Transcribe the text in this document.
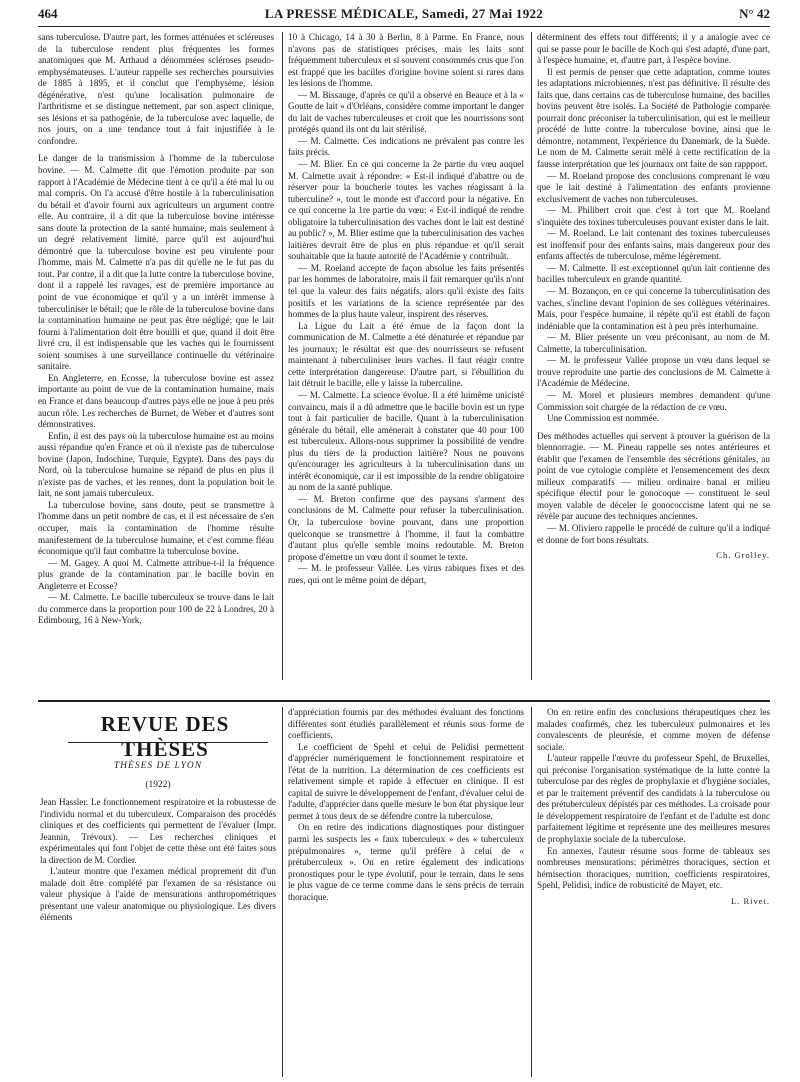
464	LA PRESSE MÉDICALE, Samedi, 27 Mai 1922	N° 42

sans tuberculose. D'autre part, les formes atténuées et scléreuses de la tuberculose rendent plus fréquentes les formes anatomiques que M. Arthaud a dénommées scléroses pseudo-emphysémateuses. L'auteur rappelle ses recherches poursuivies de 1885 à 1895, et il conclut que l'emphysème, lésion dégénérative, n'est qu'une localisation pulmonaire de l'arthritisme et se distingue nettement, par son aspect clinique, ses lésions et sa pathogénie, de la tuberculose avec laquelle, de nos jours, on a une tendance tout à fait injustifiée à le confondre.

Le danger de la transmission à l'homme de la tuberculose bovine. — M. Calmette dit que l'émotion produite par son rapport à l'Académie de Médecine tient à ce qu'il a été mal lu ou mal compris. On l'a accusé d'être hostile à la tuberculinisation du bétail et d'avoir fourni aux agriculteurs un argument contre elle. Au contraire, il a dit que la tuberculose bovine intéresse sans doute la protection de la santé humaine, mais seulement à un degré relativement limité, parce qu'il est aujourd'hui démontré que la tuberculose bovine est peu virulente pour l'homme, mais M. Calmette n'a pas dit qu'elle ne le fut pas du tout. Par contre, il a dit que la lutte contre la tuberculose bovine, dont il a rappelé les ravages, est de première importance au point de vue économique et qu'il y a un intérêt immense à tuberculiniser le bétail; que le rôle de la tuberculose bovine dans la contamination humaine ne peut pas être négligé; que le lait fourni à l'alimentation doit être bouilli et que, quand il doit être livré cru, il est indispensable que les vaches qui le fournissent soient soumises à une surveillance continuelle du vétérinaire sanitaire.

En Angleterre, en Ecosse, la tuberculose bovine est assez importante au point de vue de la contamination humaine, mais en France et dans beaucoup d'autres pays elle ne joue à peu près aucun rôle. Les recherches de Burnet, de Weber et d'autres sont démonstratives.

Enfin, il est des pays où la tuberculose humaine est au moins aussi répandue qu'en France et où il n'existe pas de tuberculose bovine (Japon, Indochine, Turquie, Egypte). Dans des pays du Nord, où la tuberculose humaine se répand de plus en plus il n'existe pas de vaches, et les rennes, dont la population boit le lait, ne sont jamais tuberculeux.

La tuberculose bovine, sans doute, peut se transmettre à l'homme dans un petit nombre de cas, et il est nécessaire de s'en occuper, mais la contamination de l'homme résulte manifestement de la tuberculose humaine, et c'est comme fléau économique qu'il faut combattre la tuberculose bovine.

— M. Gagey. A quoi M. Calmette attribue-t-il la fréquence plus grande de la contamination par le bacille bovin en Angleterre et Ecosse?

— M. Calmette. Le bacille tuberculeux se trouve dans le lait du commerce dans la proportion pour 100 de 22 à Londres, 20 à Edimbourg, 16 à New-York,

10 à Chicago, 14 à 30 à Berlin, 8 à Parme. En France, nous n'avons pas de statistiques précises, mais les laits sont fréquemment tuberculeux et si souvent consommés crus que l'on est frappé que les bacilles d'origine bovine soient si rares dans les lésions de l'homme.

— M. Bissauge, d'après ce qu'il a observé en Beauce et à la « Goutte de lait » d'Orléans, considère comme important le danger du lait de vaches tuberculeuses et croit que les nourrissons sont protégés quand ils ont du lait stérilisé.

— M. Calmette. Ces indications ne prévalent pas contre les faits précis.

— M. Blier. En ce qui concerne la 2e partie du vœu auquel M. Calmette avait à répondre: « Est-il indiqué d'abattre ou de réserver pour la boucherie toutes les vaches réagissant à la tuberculine? », tout le monde est d'accord pour la négative. En ce qui concerne la 1re partie du vœu: « Est-il indiqué de rendre obligatoire la tuberculinisation des vaches dont le lait est destiné au public? », M. Blier estime que la tuberculinisation des vaches laitières devrait être de plus en plus répandue et qu'il serait souhaitable que la haute autorité de l'Académie y contribuât.

— M. Roeland accepte de façon absolue les faits présentés par les hommes de laboratoire, mais il fait remarquer qu'ils n'ont tel que la valeur des faits négatifs, alors qu'il existe des faits positifs et les variations de la science représentée par des hommes de la plus haute valeur, inspirent des réserves.

La Ligue du Lait a été émue de la façon dont la communication de M. Calmette a été dénaturée et répandue par les journaux; le résultat est que des nourrisseurs se refusent maintenant à tuberculiniser leurs vaches. Il faut réagir contre cette interprétation dangereuse. D'autre part, si l'ébullition du lait détruit le bacille, elle y laisse la tuberculine.

— M. Calmette. La science évolue. Il a été luimême unicisté convaincu, mais il a dû admettre que le bacille bovin est un type tout à fait particulier de bacille. Quant à la tuberculinisation générale du bétail, elle amènerait à constater que 40 pour 100 est tuberculeux. Allons-nous supprimer la possibilité de vendre plus du tiers de la production laitière? Nous ne pouvons qu'encourager les agriculteurs à la tuberculinisation dans un intérêt économique, car il est impossible de la rendre obligatoire au nom de la santé publique.

— M. Breton confirme que des paysans s'arment des conclusions de M. Calmette pour refuser la tuberculinisation. Or, la tuberculose bovine pouvant, dans une proportion quelconque se transmettre à l'homme, il faut la combattre d'autant plus qu'elle semble moins redoutable. M. Breton propose d'émettre un vœu dont il soumet le texte.

— M. le professeur Vallée. Les virus rabiques fixes et des rues, qui ont le même point de départ,

déterminent des effets tout différents; il y a analogie avec ce qui se passe pour le bacille de Koch qui s'est adapté, d'une part, à l'espèce humaine, et, d'autre part, à l'espèce bovine.

Il est permis de penser que cette adaptation, comme toutes les adaptations microbiennes, n'est pas définitive. Il résulte des faits que, dans certains cas de tuberculose humaine, des bacilles bovins peuvent être isolés. La Société de Pathologie comparée pourrait donc préconiser la tuberculinisation, qui est le meilleur procédé de lutte contre la tuberculose bovine, ainsi que le démontre, notamment, l'expérience du Danemark, de la Suède. Le nom de M. Calmette serait mêlé à cette rectification de la fausse interprétation que les journaux ont faite de son rappport.

— M. Roeland propose des conclusions comprenant le vœu que le lait destiné à l'alimentation des enfants provienne exclusivement de vaches non tuberculeuses.

— M. Philibert croit que c'est à tort que M. Roeland s'inquiète des toxines tuberculeuses pouvant exister dans le lait.

— M. Roeland. Le lait contenant des toxines tuberculeuses est inoffensif pour des enfants sains, mais dangereux pour des enfants affectés de tuberculose, même légèrement.

— M. Calmette. Il est exceptionnel qu'un lait contienne des bacilles tuberculeux en grande quantité.

— M. Bozançon, en ce qui concerne la tuberculinisation des vaches, s'incline devant l'opinion de ses collègues vétérinaires. Mais, pour l'espèce humaine, il répète qu'il est établi de façon indéniable que la contamination est à peu près interhumaine.

— M. Blier présente un vœu préconisant, au nom de M. Calmette, la tuberculinisation.

— M. le professeur Vallée propose un vœu dans lequel se trouve reproduite une partie des conclusions de M. Calmette à l'Académie de Médecine.

— M. Morel et plusieurs membres demandent qu'une Commission soit chargée de la rédaction de ce vœu.

Une Commission est nommée.

Des méthodes actuelles qui servent à prouver la guérison de la blennorragie. — M. Pineau rappelle ses notes antérieures et établit que l'examen de l'ensemble des sécrétions génitales, au point de vue cytologie complète et l'ensemencement des deux milieux comparatifs — milieu ordinaire banal et milieu spécifique électif pour le gonocoque — constituent le seul moyen valable de déceler le gonococcisme latent qui ne se révèle par aucune des techniques anciennes.

— M. Oliviero rappelle le procédé de culture qu'il a indiqué et donne de fort bons résultats.

Ch. Grolley.

REVUE DES THÈSES
THÈSES DE LYON
(1922)

Jean Hassler. Le fonctionnement respiratoire et la robustesse de l'individu normal et du tuberculeux. Comparaison des procédés cliniques et des coefficients qui permettent de l'évaluer (Impr. Jeannin, Trévoux). — Les recherches cliniques et expérimentales qui font l'objet de cette thèse ont été faites sous la direction de M. Cordier.

L'auteur montre que l'examen médical proprement dit d'un malade doit être complété par l'examen de sa résistance ou valeur physique à l'aide de mensurations anthropométriques présentant une valeur anatomique ou physiologique. Les divers éléments

d'appréciation fournis par des méthodes évaluant des fonctions différentes sont étudiés parallèlement et réunis sous forme de coefficients.

Le coefficient de Spehl et celui de Pelidisi permettent d'apprécier numériquement le fonctionnement respiratoire et l'état de la nutrition. La détermination de ces coefficients est relativement simple et rapide à effectuer en clinique. Il est capital de suivre le développement de l'enfant, d'évaluer celui de l'adulte, d'apprécier dans quelle mesure le bon état physique leur permet à tous deux de se défendre contre la tuberculose.

On en retire des indications diagnostiques pour distinguer parmi les suspects les « faux tuberculeux » des « tuberculeux prépulmonaires », terme qu'il préfère à celui de « prétuberculeux ». On en retire également des indications pronostiques pour le type évolutif, pour le terrain, dans le sens le plus vague de ce terme comme dans le sens précis de terrain thoracique.

On en retire enfin des conclusions thérapeutiques chez les malades confirmés, chez les tuberculeux pulmonaires et les convalescents de pleurésie, et comme moyen de défense sociale.

L'auteur rappelle l'œuvre du professeur Spehl, de Bruxelles, qui préconise l'organisation systématique de la lutte contre la tuberculose par des règles de prophylaxie et d'hygiène sociales, et par le traitement préventif des candidats à la tuberculose ou des prétuberculeux dépistés par ces méthodes. La croisade pour le développement respiratoire de l'enfant et de l'adulte est donc parfaitement légitime et représente une des meilleures mesures de prophylaxie sociale de la tuberculose.

En annexes, l'auteur résume sous forme de tableaux ses nombreuses mensurations: périmètres thoraciques, section et hémisection thoraciques, nutrition, coefficients respiratoires, Spehl, Pelidisi, indice de robusticité de Mayet, etc.

L. Rivet.
